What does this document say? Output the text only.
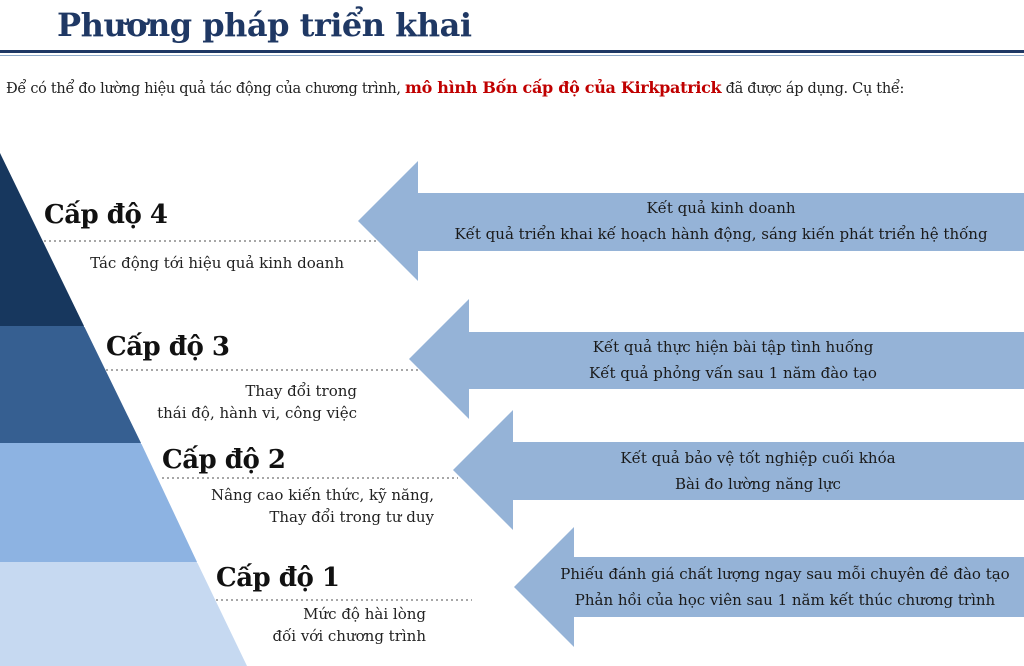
Phương pháp triển khai
Để có thể đo lường hiệu quả tác động của chương trình, mô hình Bốn cấp độ của Kirkpatrick đã được áp dụng. Cụ thể:
Cấp độ 4
Cấp độ 3
Cấp độ 2
Cấp độ 1
Tác động tới hiệu quả kinh doanh
Thay đổi trong
thái độ, hành vi, công việc
Nâng cao kiến thức, kỹ năng,
Thay đổi trong tư duy
Mức độ hài lòng
đối với chương trình
Kết quả kinh doanh
Kết quả triển khai kế hoạch hành động, sáng kiến phát triển hệ thống
Kết quả thực hiện bài tập tình huống
Kết quả phỏng vấn sau 1 năm đào tạo
Kết quả bảo vệ tốt nghiệp cuối khóa
Bài đo lường năng lực
Phiếu đánh giá chất lượng ngay sau mỗi chuyên đề đào tạo
Phản hồi của học viên sau 1 năm kết thúc chương trình
